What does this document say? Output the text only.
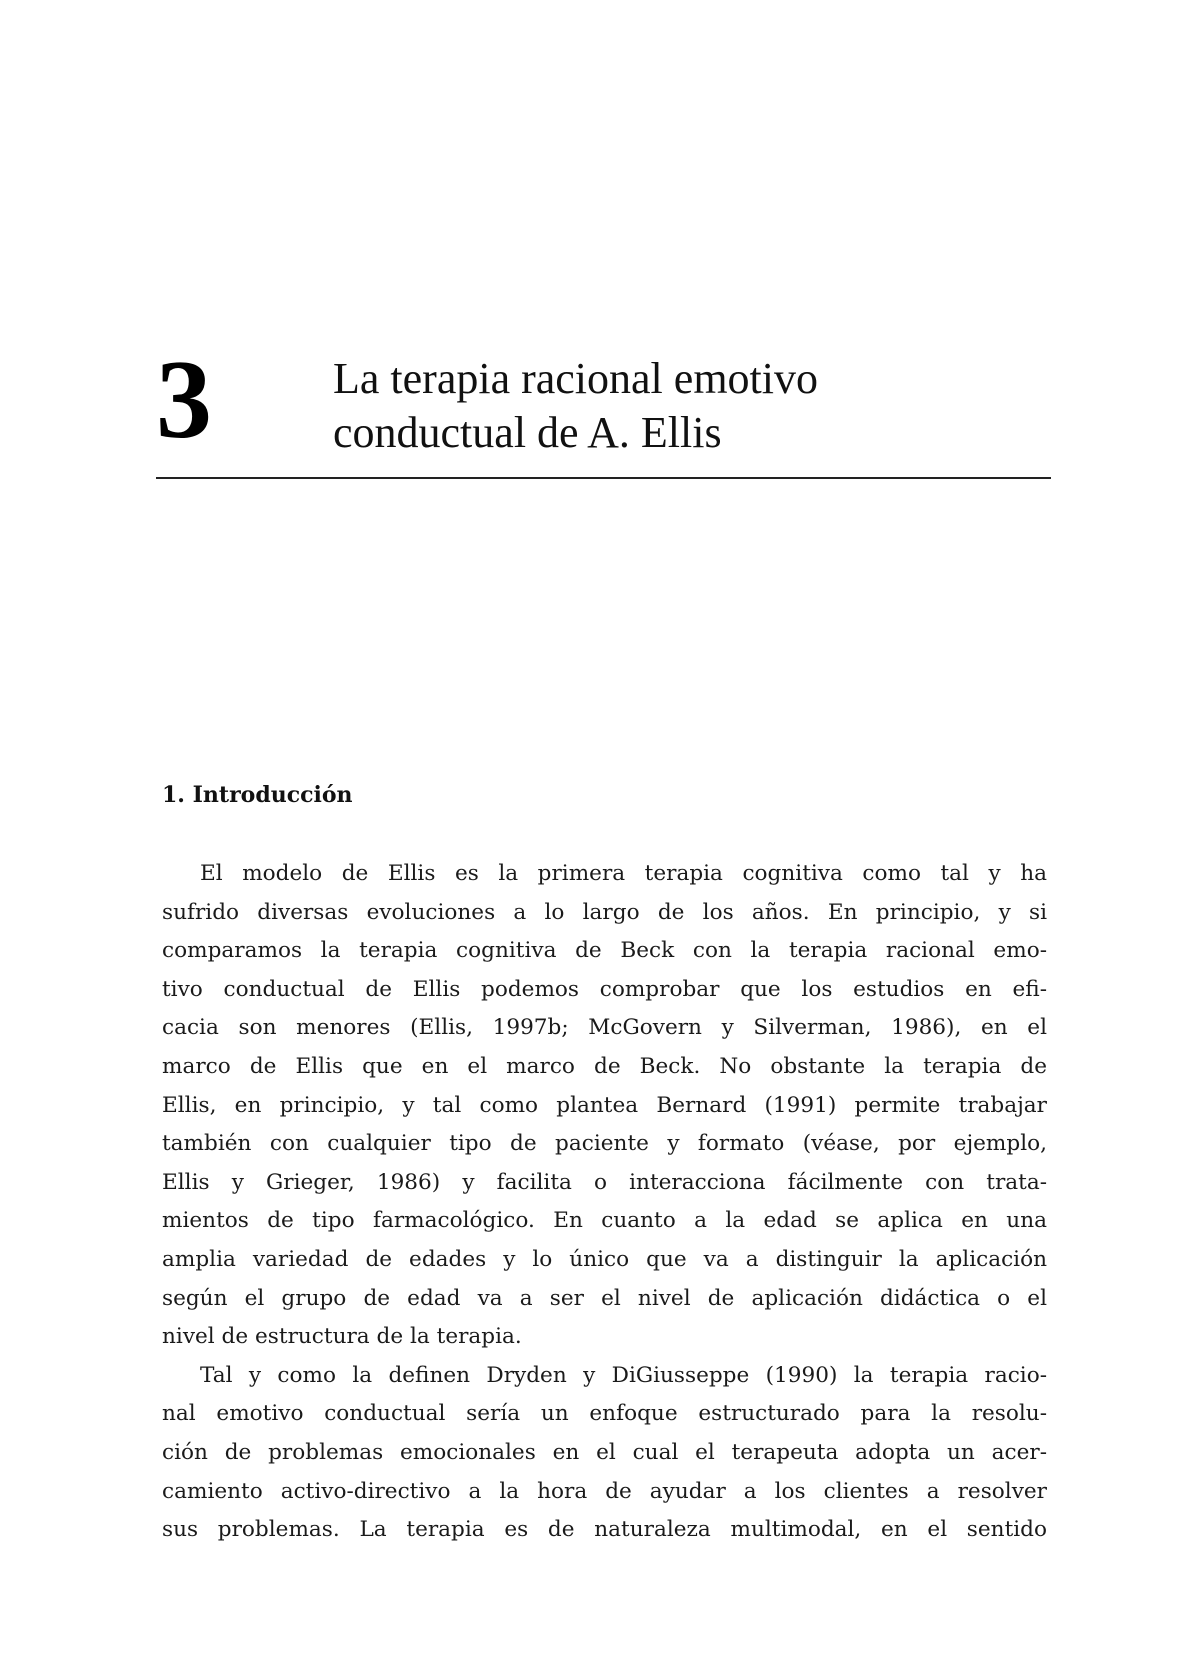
3	La terapia racional emotivo
conductual de A. Ellis
1. Introducción
El modelo de Ellis es la primera terapia cognitiva como tal y ha
sufrido diversas evoluciones a lo largo de los años. En principio, y si
comparamos la terapia cognitiva de Beck con la terapia racional emo-
tivo conductual de Ellis podemos comprobar que los estudios en efi-
cacia son menores (Ellis, 1997b; McGovern y Silverman, 1986), en el
marco de Ellis que en el marco de Beck. No obstante la terapia de
Ellis, en principio, y tal como plantea Bernard (1991) permite trabajar
también con cualquier tipo de paciente y formato (véase, por ejemplo,
Ellis y Grieger, 1986) y facilita o interacciona fácilmente con trata-
mientos de tipo farmacológico. En cuanto a la edad se aplica en una
amplia variedad de edades y lo único que va a distinguir la aplicación
según el grupo de edad va a ser el nivel de aplicación didáctica o el
nivel de estructura de la terapia.
Tal y como la definen Dryden y DiGiusseppe (1990) la terapia racio-
nal emotivo conductual sería un enfoque estructurado para la resolu-
ción de problemas emocionales en el cual el terapeuta adopta un acer-
camiento activo-directivo a la hora de ayudar a los clientes a resolver
sus problemas. La terapia es de naturaleza multimodal, en el sentido
